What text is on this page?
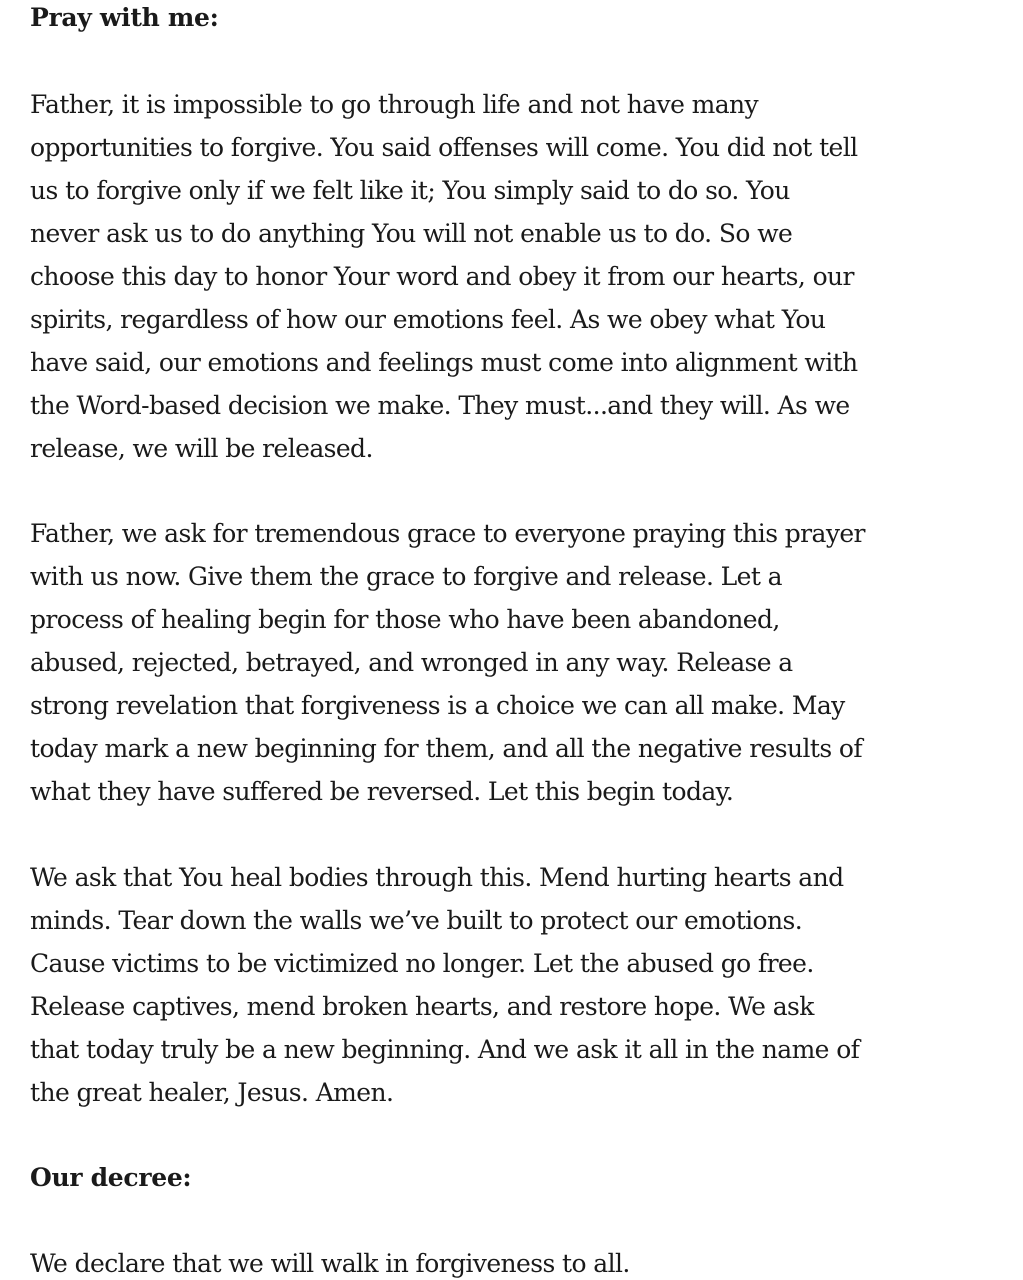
Pray with me:
Father, it is impossible to go through life and not have many
opportunities to forgive. You said offenses will come. You did not tell
us to forgive only if we felt like it; You simply said to do so. You
never ask us to do anything You will not enable us to do. So we
choose this day to honor Your word and obey it from our hearts, our
spirits, regardless of how our emotions feel. As we obey what You
have said, our emotions and feelings must come into alignment with
the Word-based decision we make. They must...and they will. As we
release, we will be released.
Father, we ask for tremendous grace to everyone praying this prayer
with us now. Give them the grace to forgive and release. Let a
process of healing begin for those who have been abandoned,
abused, rejected, betrayed, and wronged in any way. Release a
strong revelation that forgiveness is a choice we can all make. May
today mark a new beginning for them, and all the negative results of
what they have suffered be reversed. Let this begin today.
We ask that You heal bodies through this. Mend hurting hearts and
minds. Tear down the walls we’ve built to protect our emotions.
Cause victims to be victimized no longer. Let the abused go free.
Release captives, mend broken hearts, and restore hope. We ask
that today truly be a new beginning. And we ask it all in the name of
the great healer, Jesus. Amen.
Our decree:
We declare that we will walk in forgiveness to all.
